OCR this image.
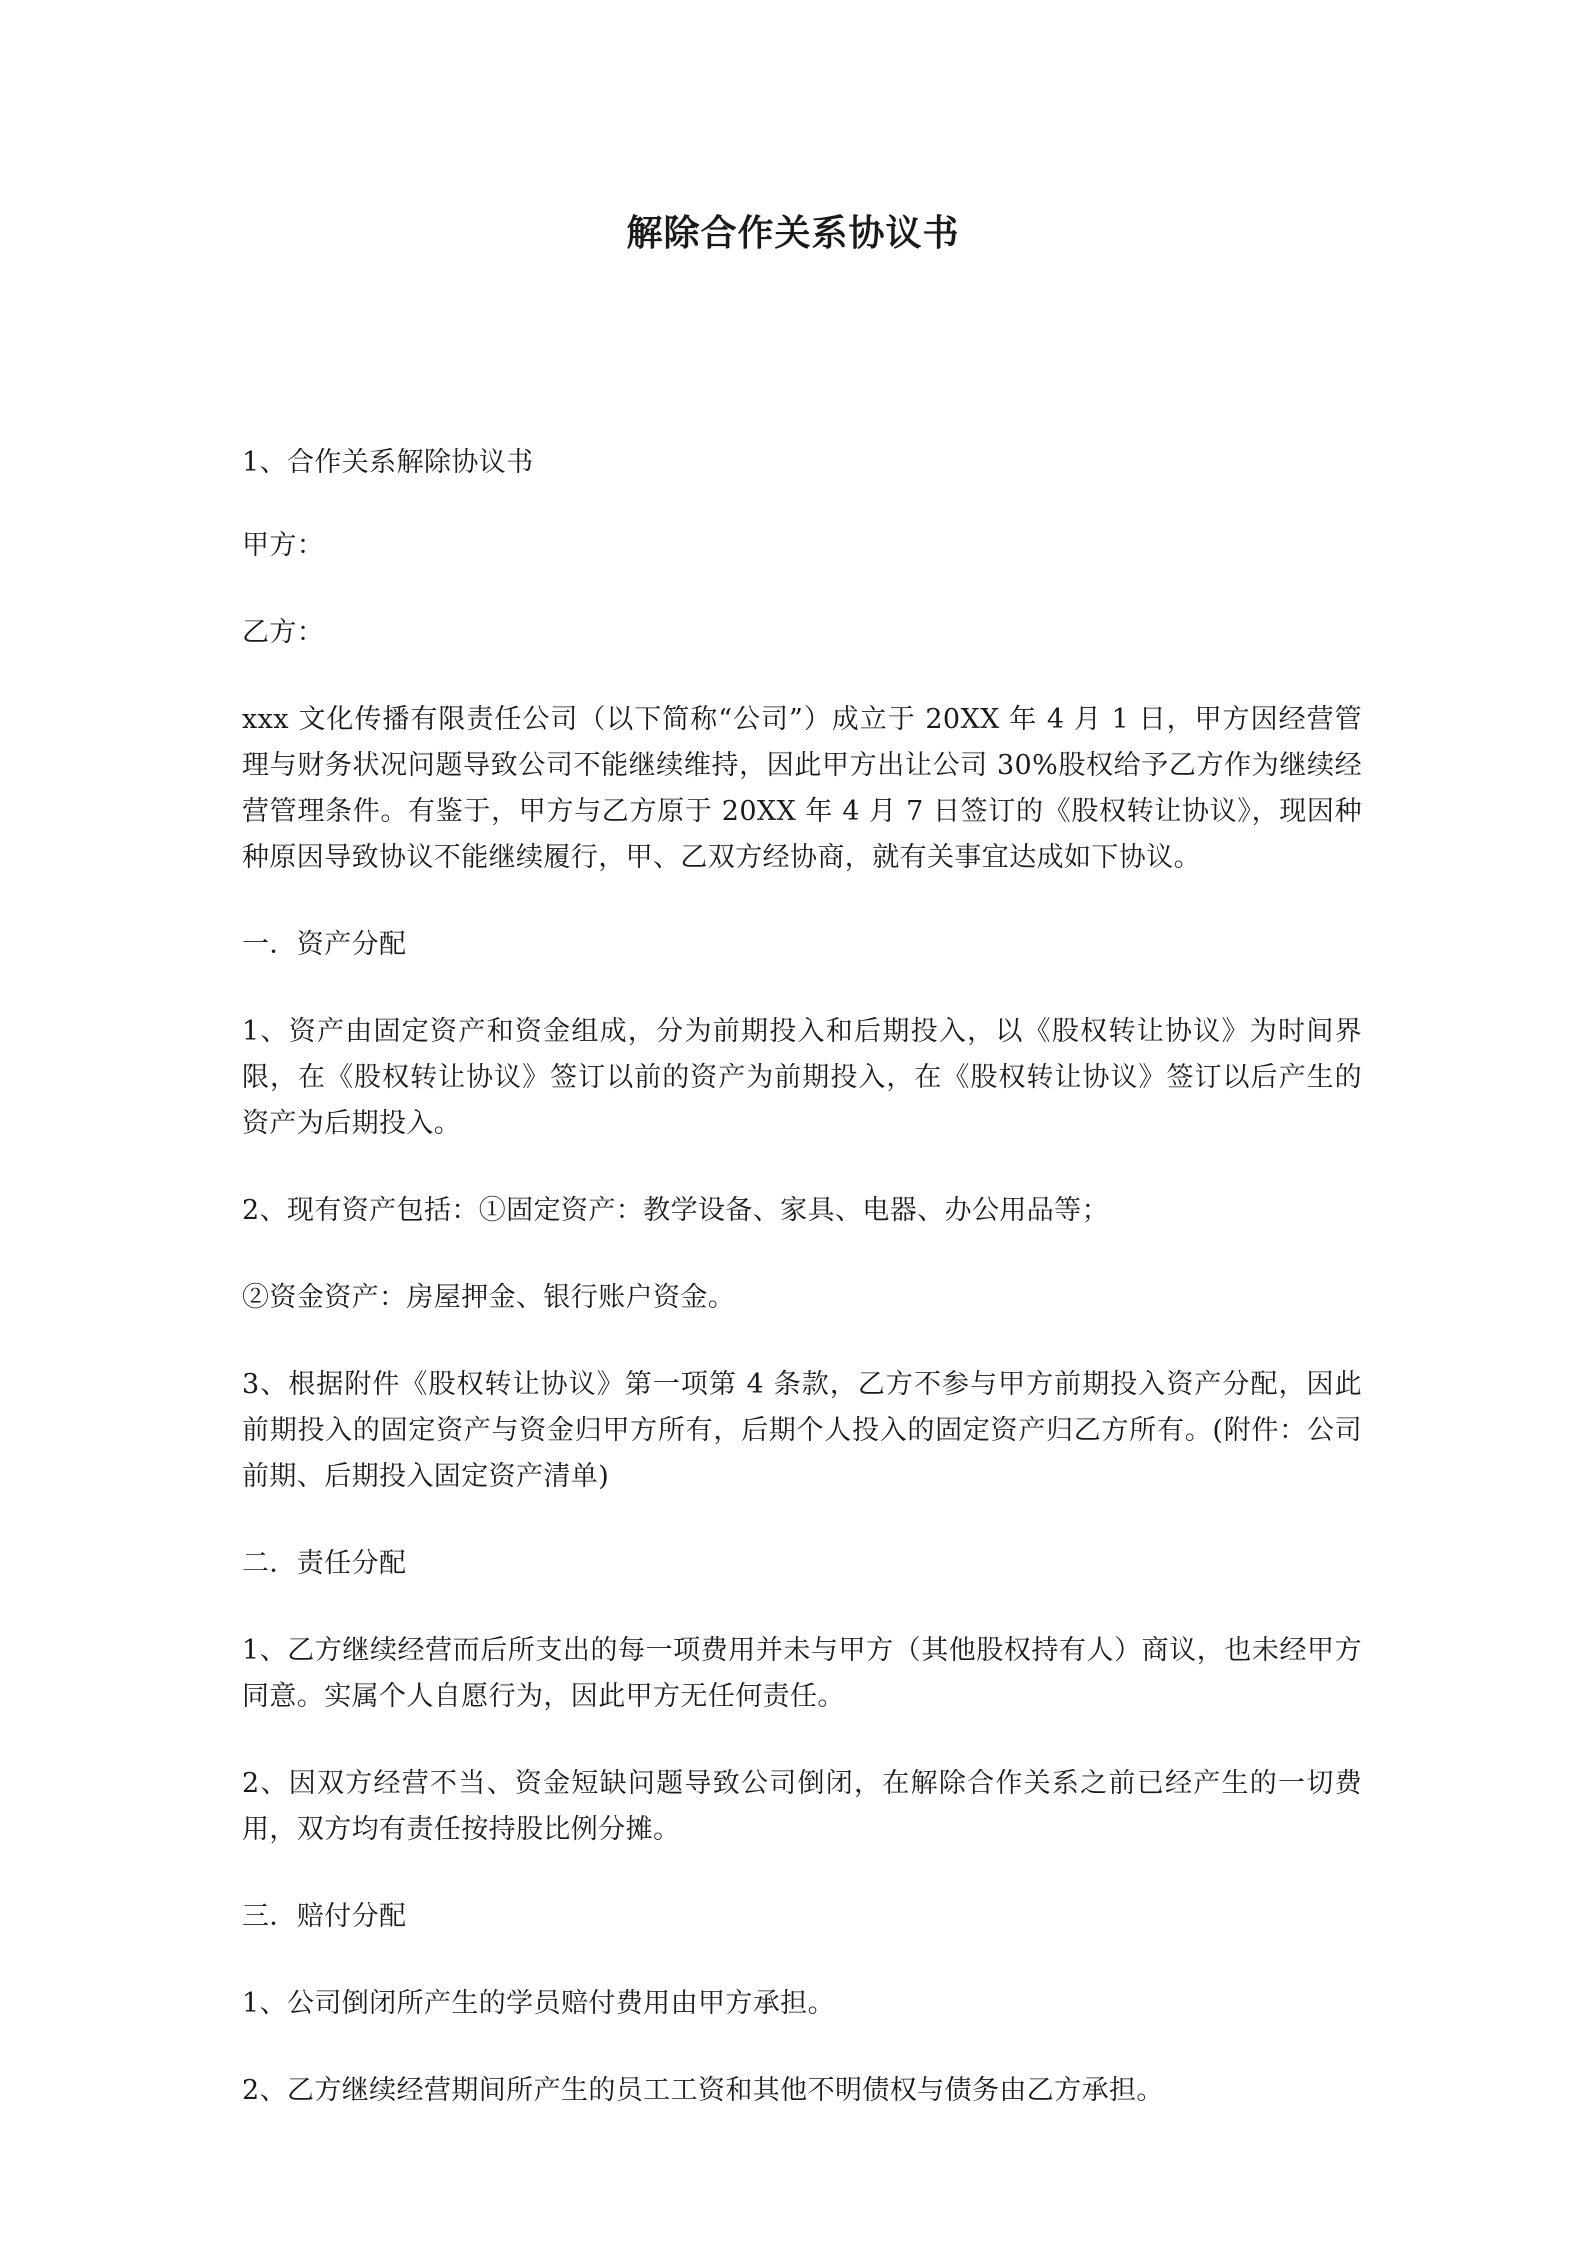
解除合作关系协议书

1、合作关系解除协议书

甲方：

乙方：

xxx 文化传播有限责任公司（以下简称“公司”）成立于 20XX 年 4 月 1 日，甲方因经营管理与财务状况问题导致公司不能继续维持，因此甲方出让公司 30%股权给予乙方作为继续经营管理条件。有鉴于，甲方与乙方原于 20XX 年 4 月 7 日签订的《股权转让协议》，现因种种原因导致协议不能继续履行，甲、乙双方经协商，就有关事宜达成如下协议。

一．资产分配

1、资产由固定资产和资金组成，分为前期投入和后期投入，以《股权转让协议》为时间界限，在《股权转让协议》签订以前的资产为前期投入，在《股权转让协议》签订以后产生的资产为后期投入。

2、现有资产包括：①固定资产：教学设备、家具、电器、办公用品等；

②资金资产：房屋押金、银行账户资金。

3、根据附件《股权转让协议》第一项第 4 条款，乙方不参与甲方前期投入资产分配，因此前期投入的固定资产与资金归甲方所有，后期个人投入的固定资产归乙方所有。(附件：公司前期、后期投入固定资产清单)

二．责任分配

1、乙方继续经营而后所支出的每一项费用并未与甲方（其他股权持有人）商议，也未经甲方同意。实属个人自愿行为，因此甲方无任何责任。

2、因双方经营不当、资金短缺问题导致公司倒闭，在解除合作关系之前已经产生的一切费用，双方均有责任按持股比例分摊。

三．赔付分配

1、公司倒闭所产生的学员赔付费用由甲方承担。

2、乙方继续经营期间所产生的员工工资和其他不明债权与债务由乙方承担。
